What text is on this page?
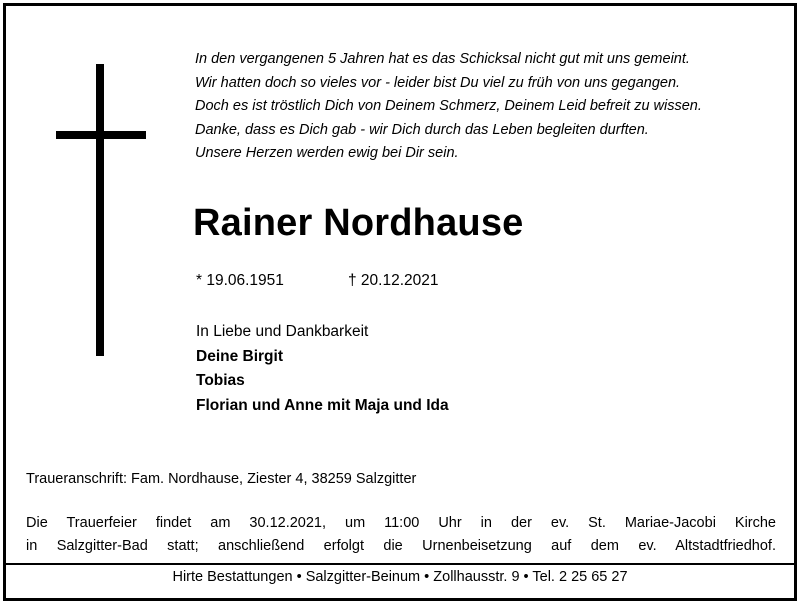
In den vergangenen 5 Jahren hat es das Schicksal nicht gut mit uns gemeint.
Wir hatten doch so vieles vor - leider bist Du viel zu früh von uns gegangen.
Doch es ist tröstlich Dich von Deinem Schmerz, Deinem Leid befreit zu wissen.
Danke, dass es Dich gab - wir Dich durch das Leben begleiten durften.
Unsere Herzen werden ewig bei Dir sein.
Rainer Nordhause
* 19.06.1951	† 20.12.2021
In Liebe und Dankbarkeit
Deine Birgit
Tobias
Florian und Anne mit Maja und Ida
Traueranschrift: Fam. Nordhause, Ziester 4, 38259 Salzgitter
Die Trauerfeier findet am 30.12.2021, um 11:00 Uhr in der ev. St. Mariae-Jacobi Kirche
in Salzgitter-Bad statt; anschließend erfolgt die Urnenbeisetzung auf dem ev. Altstadtfriedhof.
Hirte Bestattungen • Salzgitter-Beinum • Zollhausstr. 9 • Tel. 2 25 65 27
